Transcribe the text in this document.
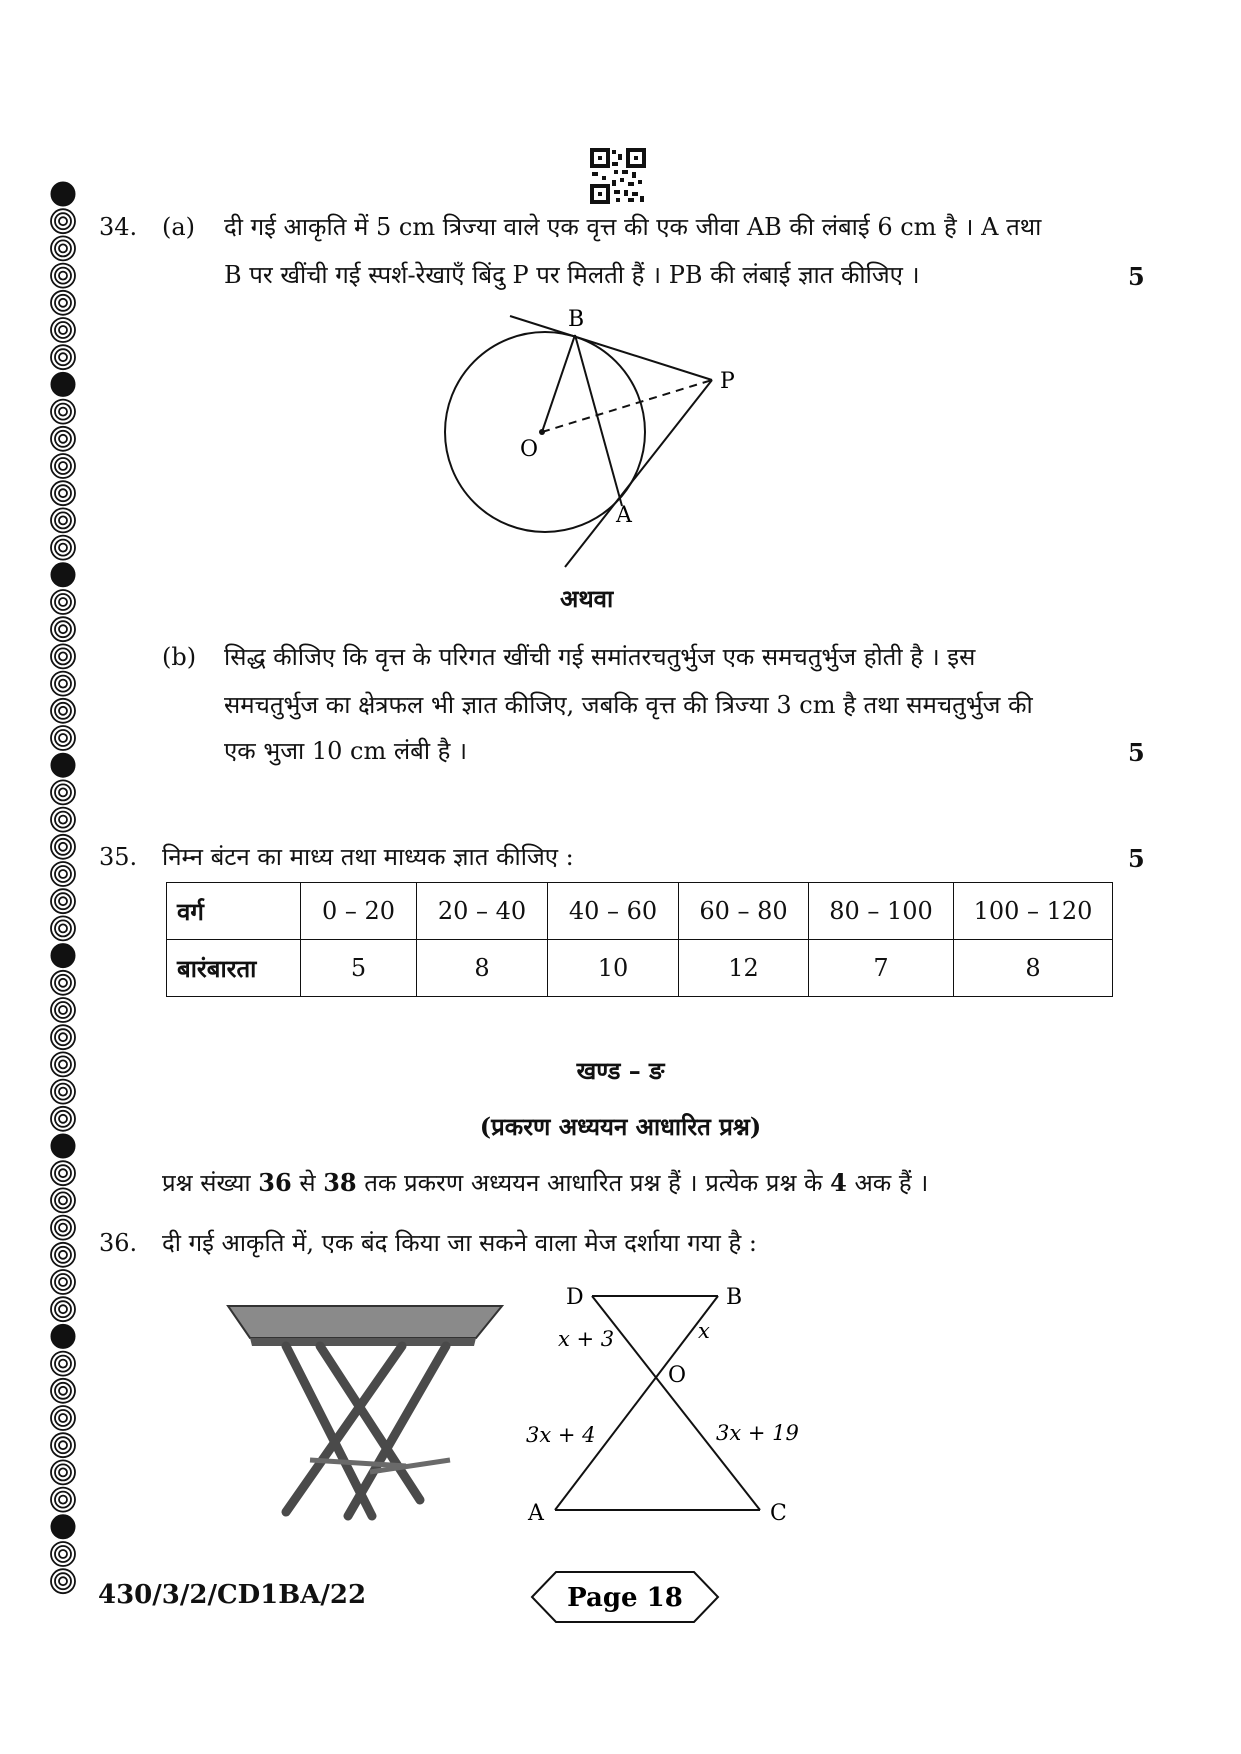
34. (a) दी गई आकृति में 5 cm त्रिज्या वाले एक वृत्त की एक जीवा AB की लंबाई 6 cm है । A तथा
B पर खींची गई स्पर्श-रेखाएँ बिंदु P पर मिलती हैं । PB की लंबाई ज्ञात कीजिए ।	5
B
P
O
A
अथवा
(b) सिद्ध कीजिए कि वृत्त के परिगत खींची गई समांतरचतुर्भुज एक समचतुर्भुज होती है । इस
समचतुर्भुज का क्षेत्रफल भी ज्ञात कीजिए, जबकि वृत्त की त्रिज्या 3 cm है तथा समचतुर्भुज की
एक भुजा 10 cm लंबी है ।	5
35. निम्न बंटन का माध्य तथा माध्यक ज्ञात कीजिए :	5
वर्ग	0 – 20	20 – 40	40 – 60	60 – 80	80 – 100	100 – 120
बारंबारता	5	8	10	12	7	8
खण्ड – ङ
(प्रकरण अध्ययन आधारित प्रश्न)
प्रश्न संख्या 36 से 38 तक प्रकरण अध्ययन आधारित प्रश्न हैं । प्रत्येक प्रश्न के 4 अक हैं ।
36. दी गई आकृति में, एक बंद किया जा सकने वाला मेज दर्शाया गया है :
D	B
O
A	C
x + 3	x
3x + 4	3x + 19
430/3/2/CD1BA/22	Page 18
